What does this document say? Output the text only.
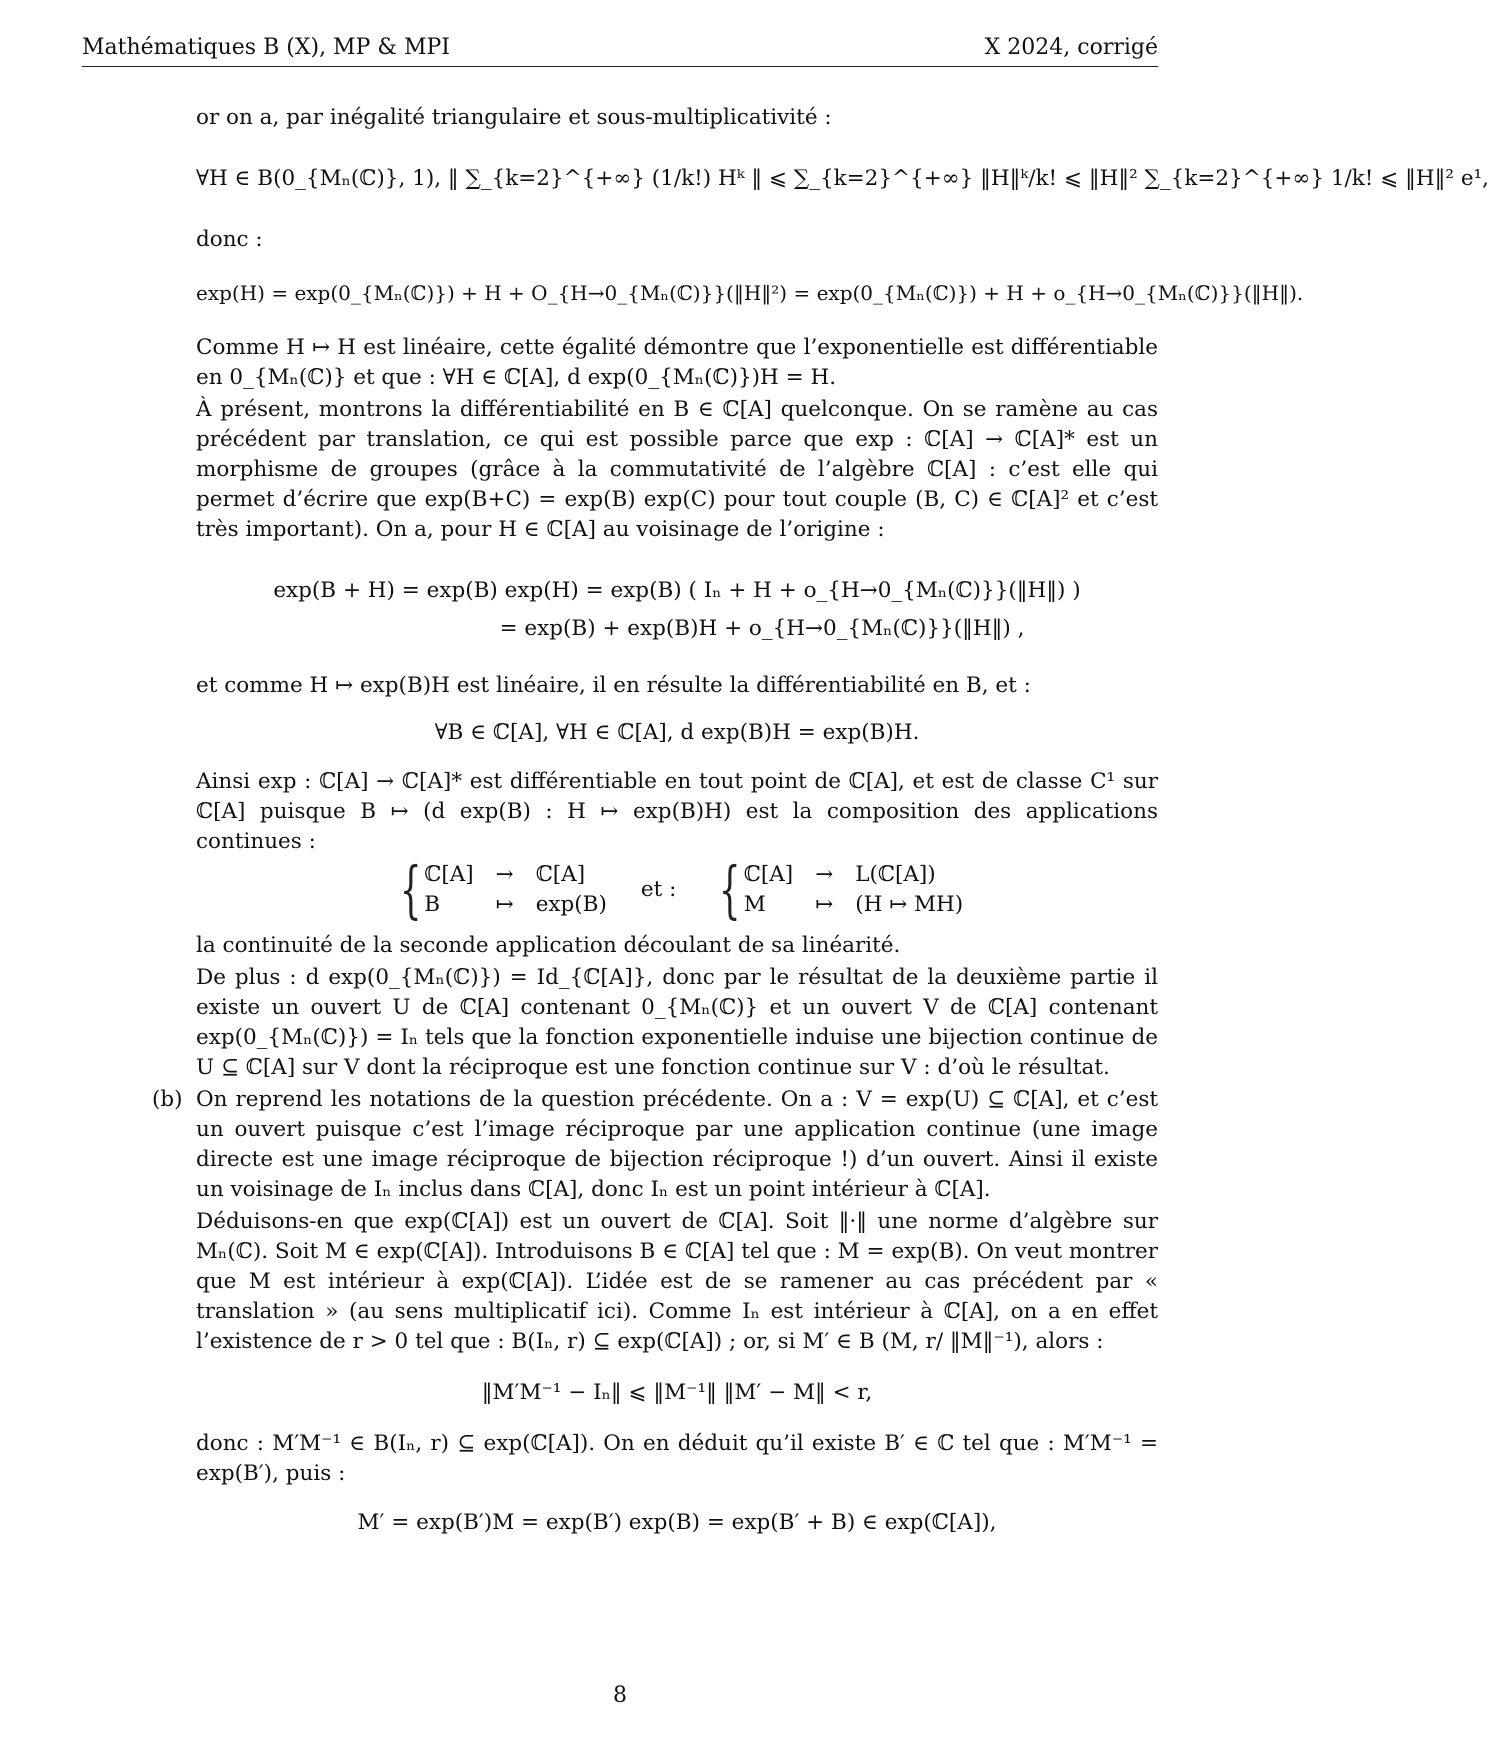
Mathématiques B (X), MP & MPI	X 2024, corrigé

or on a, par inégalité triangulaire et sous-multiplicativité :

∀H ∈ B(0_{Mₙ(ℂ)}, 1), ‖ ∑_{k=2}^{+∞} (1/k!) Hᵏ ‖ ⩽ ∑_{k=2}^{+∞} ‖H‖ᵏ/k! ⩽ ‖H‖² ∑_{k=2}^{+∞} 1/k! ⩽ ‖H‖² e¹,

donc :

exp(H) = exp(0_{Mₙ(ℂ)}) + H + O_{H→0_{Mₙ(ℂ)}}(‖H‖²) = exp(0_{Mₙ(ℂ)}) + H + o_{H→0_{Mₙ(ℂ)}}(‖H‖).

Comme H ↦ H est linéaire, cette égalité démontre que l’exponentielle est différentiable en 0_{Mₙ(ℂ)} et que : ∀H ∈ ℂ[A], d exp(0_{Mₙ(ℂ)})H = H.

À présent, montrons la différentiabilité en B ∈ ℂ[A] quelconque. On se ramène au cas précédent par translation, ce qui est possible parce que exp : ℂ[A] → ℂ[A]* est un morphisme de groupes (grâce à la commutativité de l’algèbre ℂ[A] : c’est elle qui permet d’écrire que exp(B+C) = exp(B) exp(C) pour tout couple (B, C) ∈ ℂ[A]² et c’est très important). On a, pour H ∈ ℂ[A] au voisinage de l’origine :

exp(B + H) = exp(B) exp(H) = exp(B) ( Iₙ + H + o_{H→0_{Mₙ(ℂ)}}(‖H‖) )
= exp(B) + exp(B)H + o_{H→0_{Mₙ(ℂ)}}(‖H‖) ,

et comme H ↦ exp(B)H est linéaire, il en résulte la différentiabilité en B, et :

∀B ∈ ℂ[A], ∀H ∈ ℂ[A], d exp(B)H = exp(B)H.

Ainsi exp : ℂ[A] → ℂ[A]* est différentiable en tout point de ℂ[A], et est de classe C¹ sur ℂ[A] puisque B ↦ (d exp(B) : H ↦ exp(B)H) est la composition des applications continues :

{ ℂ[A] → ℂ[A]
B	↦ exp(B)
et : { ℂ[A] → L(ℂ[A])
M	↦ (H ↦ MH)

la continuité de la seconde application découlant de sa linéarité.

De plus : d exp(0_{Mₙ(ℂ)}) = Id_{ℂ[A]}, donc par le résultat de la deuxième partie il existe un ouvert U de ℂ[A] contenant 0_{Mₙ(ℂ)} et un ouvert V de ℂ[A] contenant exp(0_{Mₙ(ℂ)}) = Iₙ tels que la fonction exponentielle induise une bijection continue de U ⊆ ℂ[A] sur V dont la réciproque est une fonction continue sur V : d’où le résultat.

(b) On reprend les notations de la question précédente. On a : V = exp(U) ⊆ ℂ[A], et c’est un ouvert puisque c’est l’image réciproque par une application continue (une image directe est une image réciproque de bijection réciproque !) d’un ouvert. Ainsi il existe un voisinage de Iₙ inclus dans ℂ[A], donc Iₙ est un point intérieur à ℂ[A].

Déduisons-en que exp(ℂ[A]) est un ouvert de ℂ[A]. Soit ‖·‖ une norme d’algèbre sur Mₙ(ℂ). Soit M ∈ exp(ℂ[A]). Introduisons B ∈ ℂ[A] tel que : M = exp(B). On veut montrer que M est intérieur à exp(ℂ[A]). L’idée est de se ramener au cas précédent par « translation » (au sens multiplicatif ici). Comme Iₙ est intérieur à ℂ[A], on a en effet l’existence de r > 0 tel que : B(Iₙ, r) ⊆ exp(ℂ[A]) ; or, si M′ ∈ B (M, r/ ‖M‖⁻¹), alors :

‖M′M⁻¹ − Iₙ‖ ⩽ ‖M⁻¹‖ ‖M′ − M‖ < r,

donc : M′M⁻¹ ∈ B(Iₙ, r) ⊆ exp(ℂ[A]). On en déduit qu’il existe B′ ∈ ℂ tel que : M′M⁻¹ = exp(B′), puis :

M′ = exp(B′)M = exp(B′) exp(B) = exp(B′ + B) ∈ exp(ℂ[A]),
8
